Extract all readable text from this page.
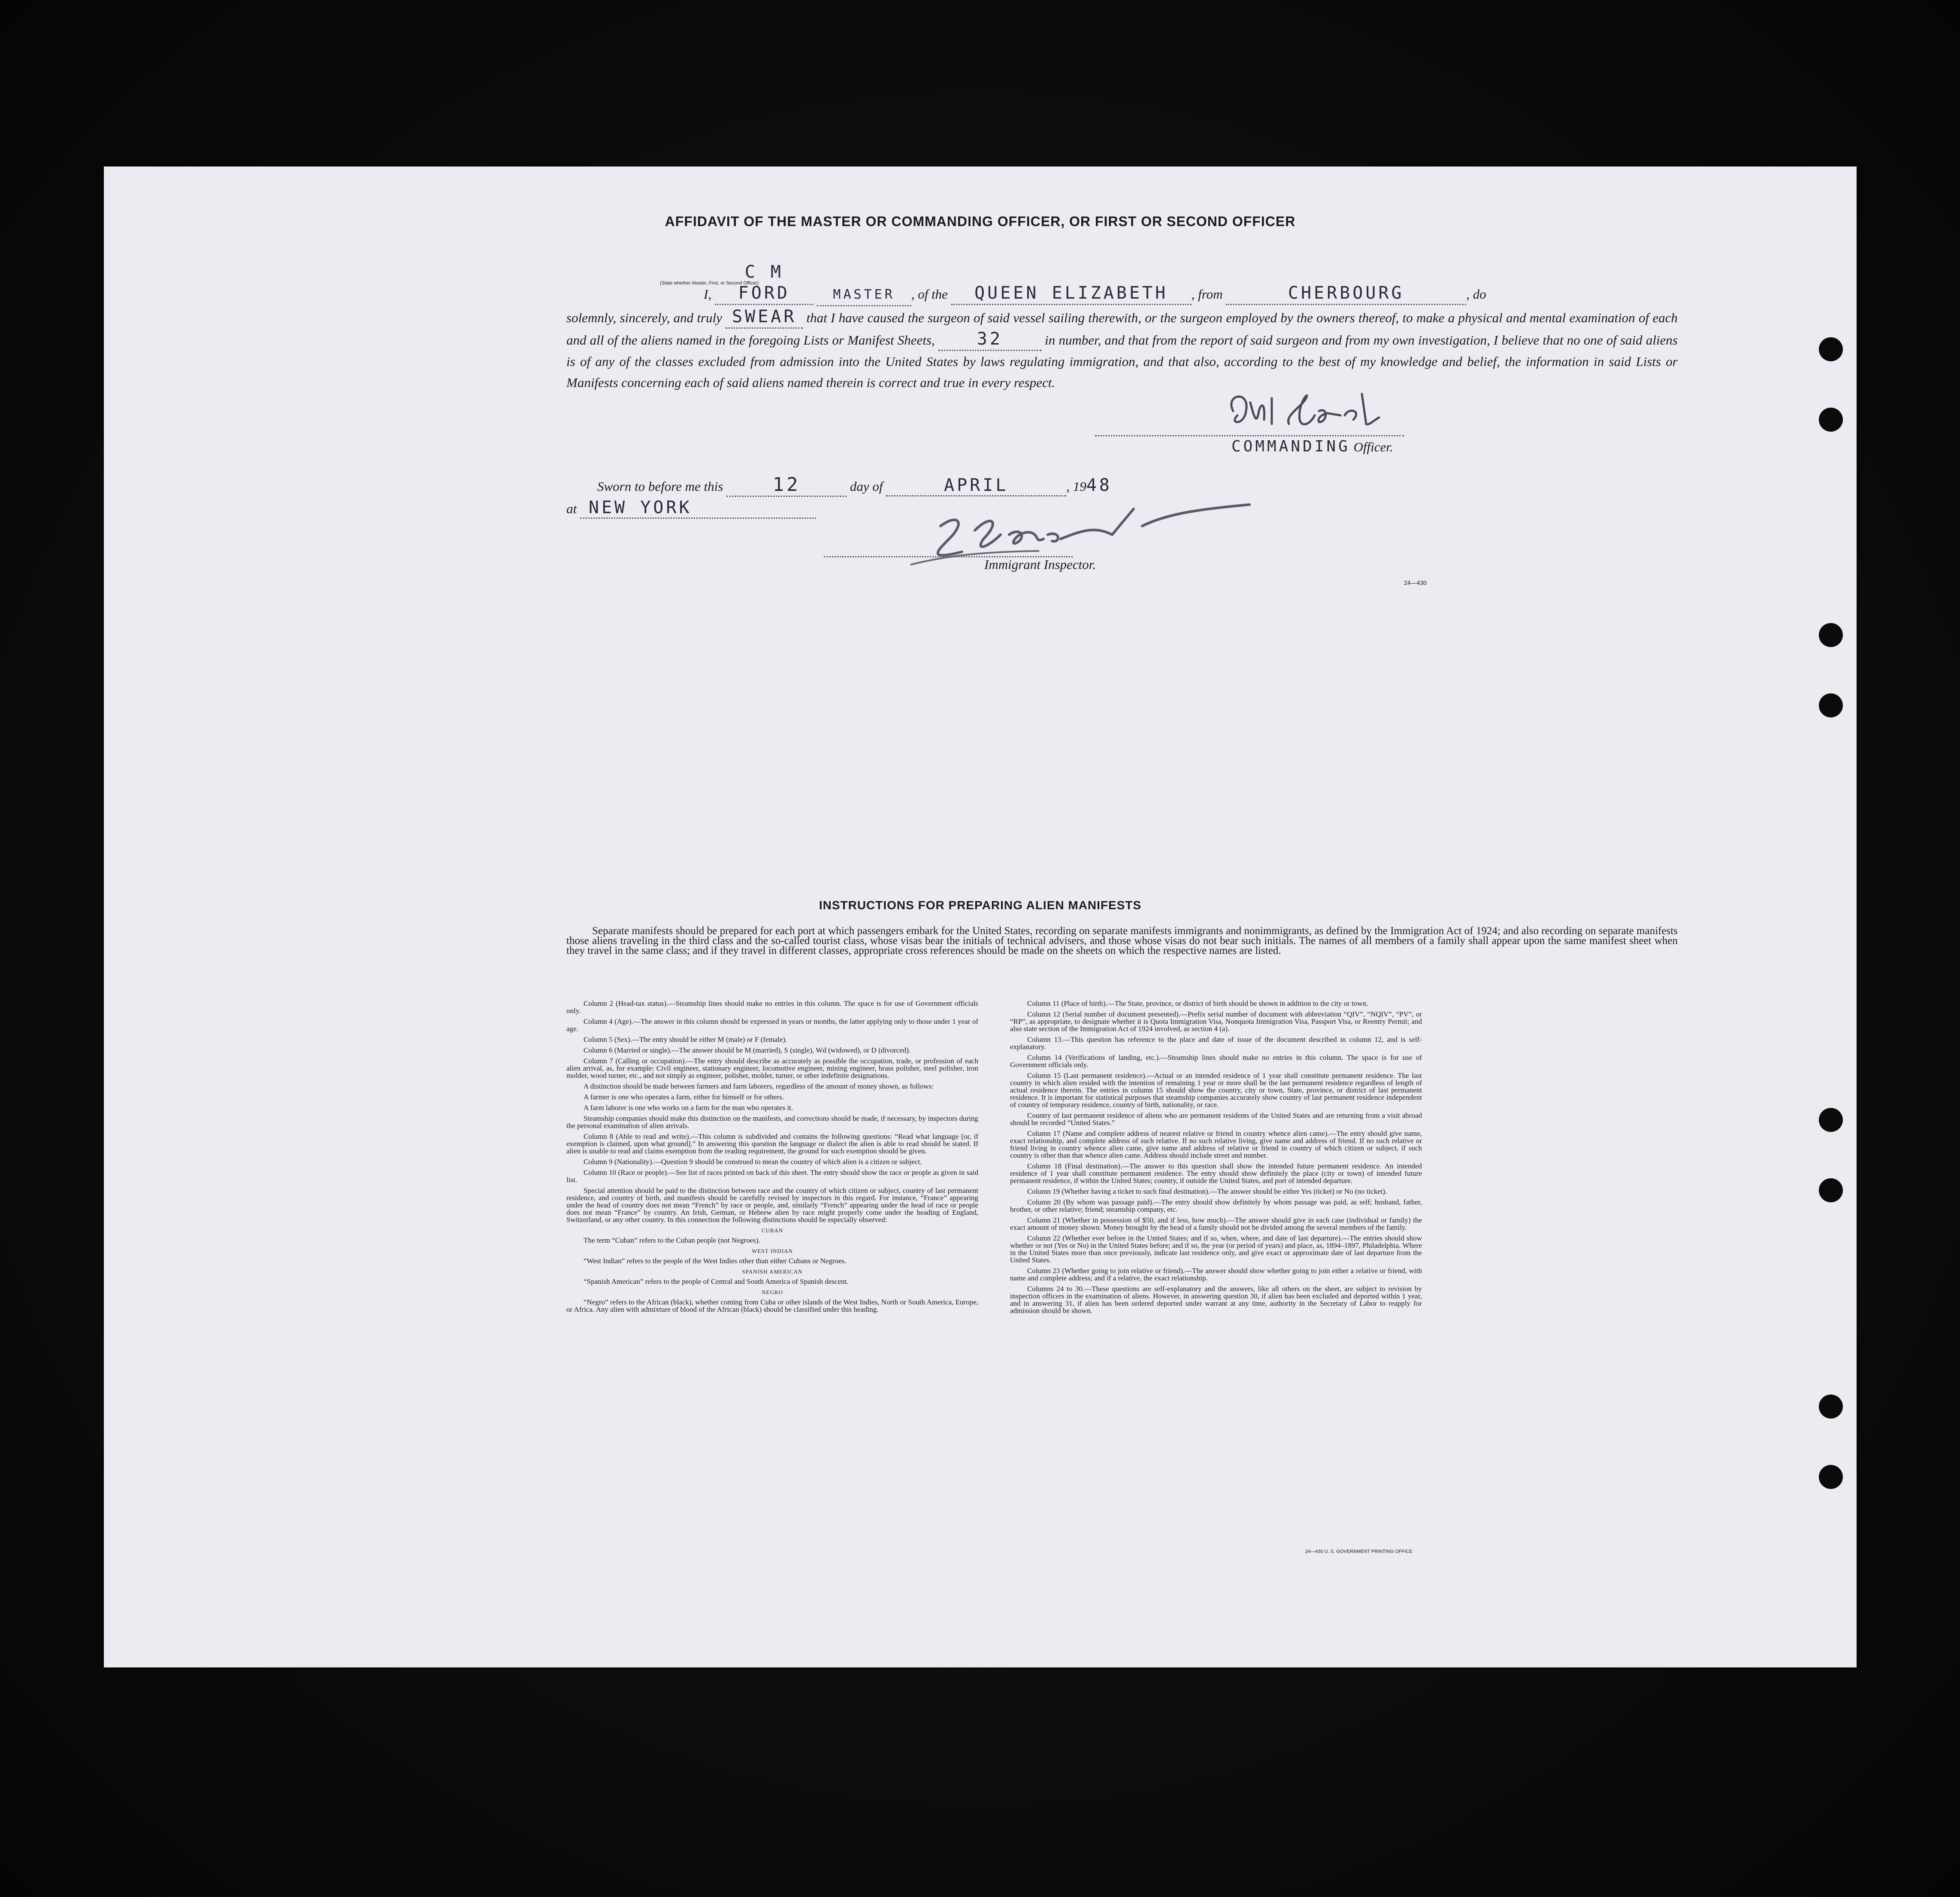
AFFIDAVIT OF THE MASTER OR COMMANDING OFFICER, OR FIRST OR SECOND OFFICER
I, C M FORD	MASTER , of the QUEEN ELIZABETH , from	CHERBOURG	, do
solemnly, sincerely, and truly SWEAR that I have caused the surgeon of said vessel sailing therewith, or the surgeon employed by the owners thereof, to make a physical and mental examination of each and all of the aliens named in the foregoing Lists or Manifest Sheets, 32	in number, and that from the report of said surgeon and from my own investigation, I believe that no one of said aliens is of any of the classes excluded from admission into the United States by laws regulating immigration, and that also, according to the best of my knowledge and belief, the information in said Lists or Manifests concerning each of said aliens named therein is correct and true in every respect.
(State whether Master, First, or Second Officer)
COMMANDING Officer.
Sworn to before me this	12	day of	APRIL	, 1948
at NEW YORK
Immigrant Inspector.
24—430
INSTRUCTIONS FOR PREPARING ALIEN MANIFESTS
Separate manifests should be prepared for each port at which passengers embark for the United States, recording on separate manifests immigrants and nonimmigrants, as defined by the Immigration Act of 1924; and also recording on separate manifests those aliens traveling in the third class and the so-called tourist class, whose visas bear the initials of technical advisers, and those whose visas do not bear such initials. The names of all members of a family shall appear upon the same manifest sheet when they travel in the same class; and if they travel in different classes, appropriate cross references should be made on the sheets on which the respective names are listed.

Column 2 (Head-tax status).—Steamship lines should make no entries in this column. The space is for use of Government officials only.

Column 4 (Age).—The answer in this column should be expressed in years or months, the latter applying only to those under 1 year of age.

Column 5 (Sex).—The entry should be either M (male) or F (female).

Column 6 (Married or single).—The answer should be M (married), S (single), Wd (widowed), or D (divorced).

Column 7 (Calling or occupation).—The entry should describe as accurately as possible the occupation, trade, or profession of each alien arrival, as, for example: Civil engineer, stationary engineer, locomotive engineer, mining engineer, brass polisher, steel polisher, iron molder, wood turner, etc., and not simply as engineer, polisher, molder, turner, or other indefinite designations.

A distinction should be made between farmers and farm laborers, regardless of the amount of money shown, as follows:

A farmer is one who operates a farm, either for himself or for others.

A farm laborer is one who works on a farm for the man who operates it.

Steamship companies should make this distinction on the manifests, and corrections should be made, if necessary, by inspectors during the personal examination of alien arrivals.

Column 8 (Able to read and write).—This column is subdivided and contains the following questions: “Read what language [or, if exemption is claimed, upon what ground].” In answering this question the language or dialect the alien is able to read should be stated. If alien is unable to read and claims exemption from the reading requirement, the ground for such exemption should be given.

Column 9 (Nationality).—Question 9 should be construed to mean the country of which alien is a citizen or subject.

Column 10 (Race or people).—See list of races printed on back of this sheet. The entry should show the race or people as given in said list.

Special attention should be paid to the distinction between race and the country of which citizen or subject, country of last permanent residence, and country of birth, and manifests should be carefully revised by inspectors in this regard. For instance, “France” appearing under the head of country does not mean “French” by race or people, and, similarly “French” appearing under the head of race or people does not mean “France” by country. An Irish, German, or Hebrew alien by race might properly come under the heading of England, Switzerland, or any other country. In this connection the following distinctions should be especially observed:

CUBAN

The term “Cuban” refers to the Cuban people (not Negroes).

WEST INDIAN

“West Indian” refers to the people of the West Indies other than either Cubans or Negroes.

SPANISH AMERICAN

“Spanish American” refers to the people of Central and South America of Spanish descent.

NEGRO

“Negro” refers to the African (black), whether coming from Cuba or other islands of the West Indies, North or South America, Europe, or Africa. Any alien with admixture of blood of the African (black) should be classified under this heading.

Column 11 (Place of birth).—The State, province, or district of birth should be shown in addition to the city or town.

Column 12 (Serial number of document presented).—Prefix serial number of document with abbreviation “QIV”, “NQIV”, “PV”, or “RP”, as appropriate, to designate whether it is Quota Immigration Visa, Nonquota Immigration Visa, Passport Visa, or Reentry Permit; and also state section of the Immigration Act of 1924 involved, as section 4 (a).

Column 13.—This question has reference to the place and date of issue of the document described in column 12, and is self-explanatory.

Column 14 (Verifications of landing, etc.).—Steamship lines should make no entries in this column. The space is for use of Government officials only.

Column 15 (Last permanent residence).—Actual or an intended residence of 1 year shall constitute permanent residence. The last country in which alien resided with the intention of remaining 1 year or more shall be the last permanent residence regardless of length of actual residence therein. The entries in column 15 should show the country, city or town, State, province, or district of last permanent residence. It is important for statistical purposes that steamship companies accurately show country of last permanent residence independent of country of temporary residence, country of birth, nationality, or race.

Country of last permanent residence of aliens who are permanent residents of the United States and are returning from a visit abroad should be recorded “United States.”

Column 17 (Name and complete address of nearest relative or friend in country whence alien came).—The entry should give name, exact relationship, and complete address of such relative. If no such relative living, give name and address of friend. If no such relative or friend living in country whence alien came, give name and address of relative or friend in country of which citizen or subject, if such country is other than that whence alien came. Address should include street and number.

Column 18 (Final destination).—The answer to this question shall show the intended future permanent residence. An intended residence of 1 year shall constitute permanent residence. The entry should show definitely the place (city or town) of intended future permanent residence, if within the United States; country, if outside the United States, and port of intended departure.

Column 19 (Whether having a ticket to such final destination).—The answer should be either Yes (ticket) or No (no ticket).

Column 20 (By whom was passage paid).—The entry should show definitely by whom passage was paid, as self; husband, father, brother, or other relative; friend; steamship company, etc.

Column 21 (Whether in possession of $50, and if less, how much).—The answer should give in each case (individual or family) the exact amount of money shown. Money brought by the head of a family should not be divided among the several members of the family.

Column 22 (Whether ever before in the United States; and if so, when, where, and date of last departure).—The entries should show whether or not (Yes or No) in the United States before; and if so, the year (or period of years) and place, as, 1894–1897, Philadelphia. Where in the United States more than once previously, indicate last residence only, and give exact or approximate date of last departure from the United States.

Column 23 (Whether going to join relative or friend).—The answer should show whether going to join either a relative or friend, with name and complete address; and if a relative, the exact relationship.

Columns 24 to 30.—These questions are self-explanatory and the answers, like all others on the sheet, are subject to revision by inspection officers in the examination of aliens. However, in answering question 30, if alien has been excluded and deported within 1 year, and in answering 31, if alien has been ordered deported under warrant at any time, authority in the Secretary of Labor to reapply for admission should be shown.

24—430 U. S. GOVERNMENT PRINTING OFFICE
